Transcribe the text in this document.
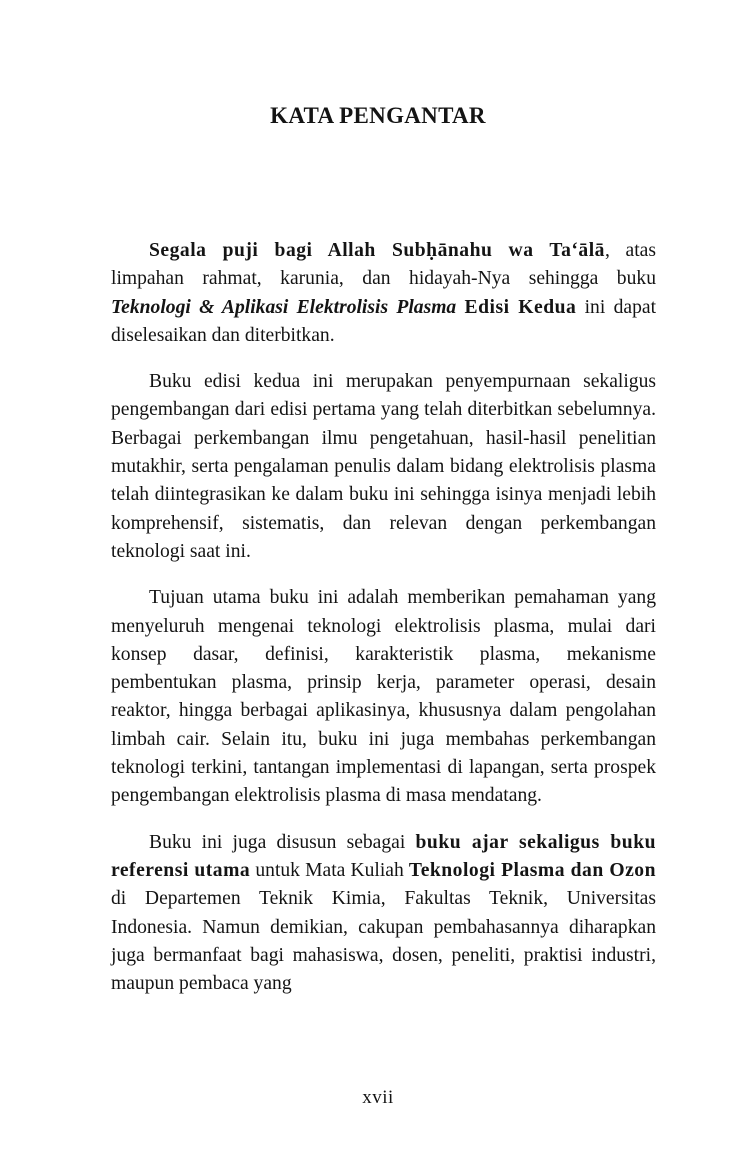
KATA PENGANTAR

Segala puji bagi Allah Subḥānahu wa Ta‘ālā, atas limpahan rahmat, karunia, dan hidayah-Nya sehingga buku Teknologi & Aplikasi Elektrolisis Plasma Edisi Kedua ini dapat diselesaikan dan diterbitkan.

Buku edisi kedua ini merupakan penyempurnaan sekaligus pengembangan dari edisi pertama yang telah diterbitkan sebelumnya. Berbagai perkembangan ilmu pengetahuan, hasil-hasil penelitian mutakhir, serta pengalaman penulis dalam bidang elektrolisis plasma telah diintegrasikan ke dalam buku ini sehingga isinya menjadi lebih komprehensif, sistematis, dan relevan dengan perkembangan teknologi saat ini.

Tujuan utama buku ini adalah memberikan pemahaman yang menyeluruh mengenai teknologi elektrolisis plasma, mulai dari konsep dasar, definisi, karakteristik plasma, mekanisme pembentukan plasma, prinsip kerja, parameter operasi, desain reaktor, hingga berbagai aplikasinya, khususnya dalam pengolahan limbah cair. Selain itu, buku ini juga membahas perkembangan teknologi terkini, tantangan implementasi di lapangan, serta prospek pengembangan elektrolisis plasma di masa mendatang.

Buku ini juga disusun sebagai buku ajar sekaligus buku referensi utama untuk Mata Kuliah Teknologi Plasma dan Ozon di Departemen Teknik Kimia, Fakultas Teknik, Universitas Indonesia. Namun demikian, cakupan pembahasannya diharapkan juga bermanfaat bagi mahasiswa, dosen, peneliti, praktisi industri, maupun pembaca yang

xvii
